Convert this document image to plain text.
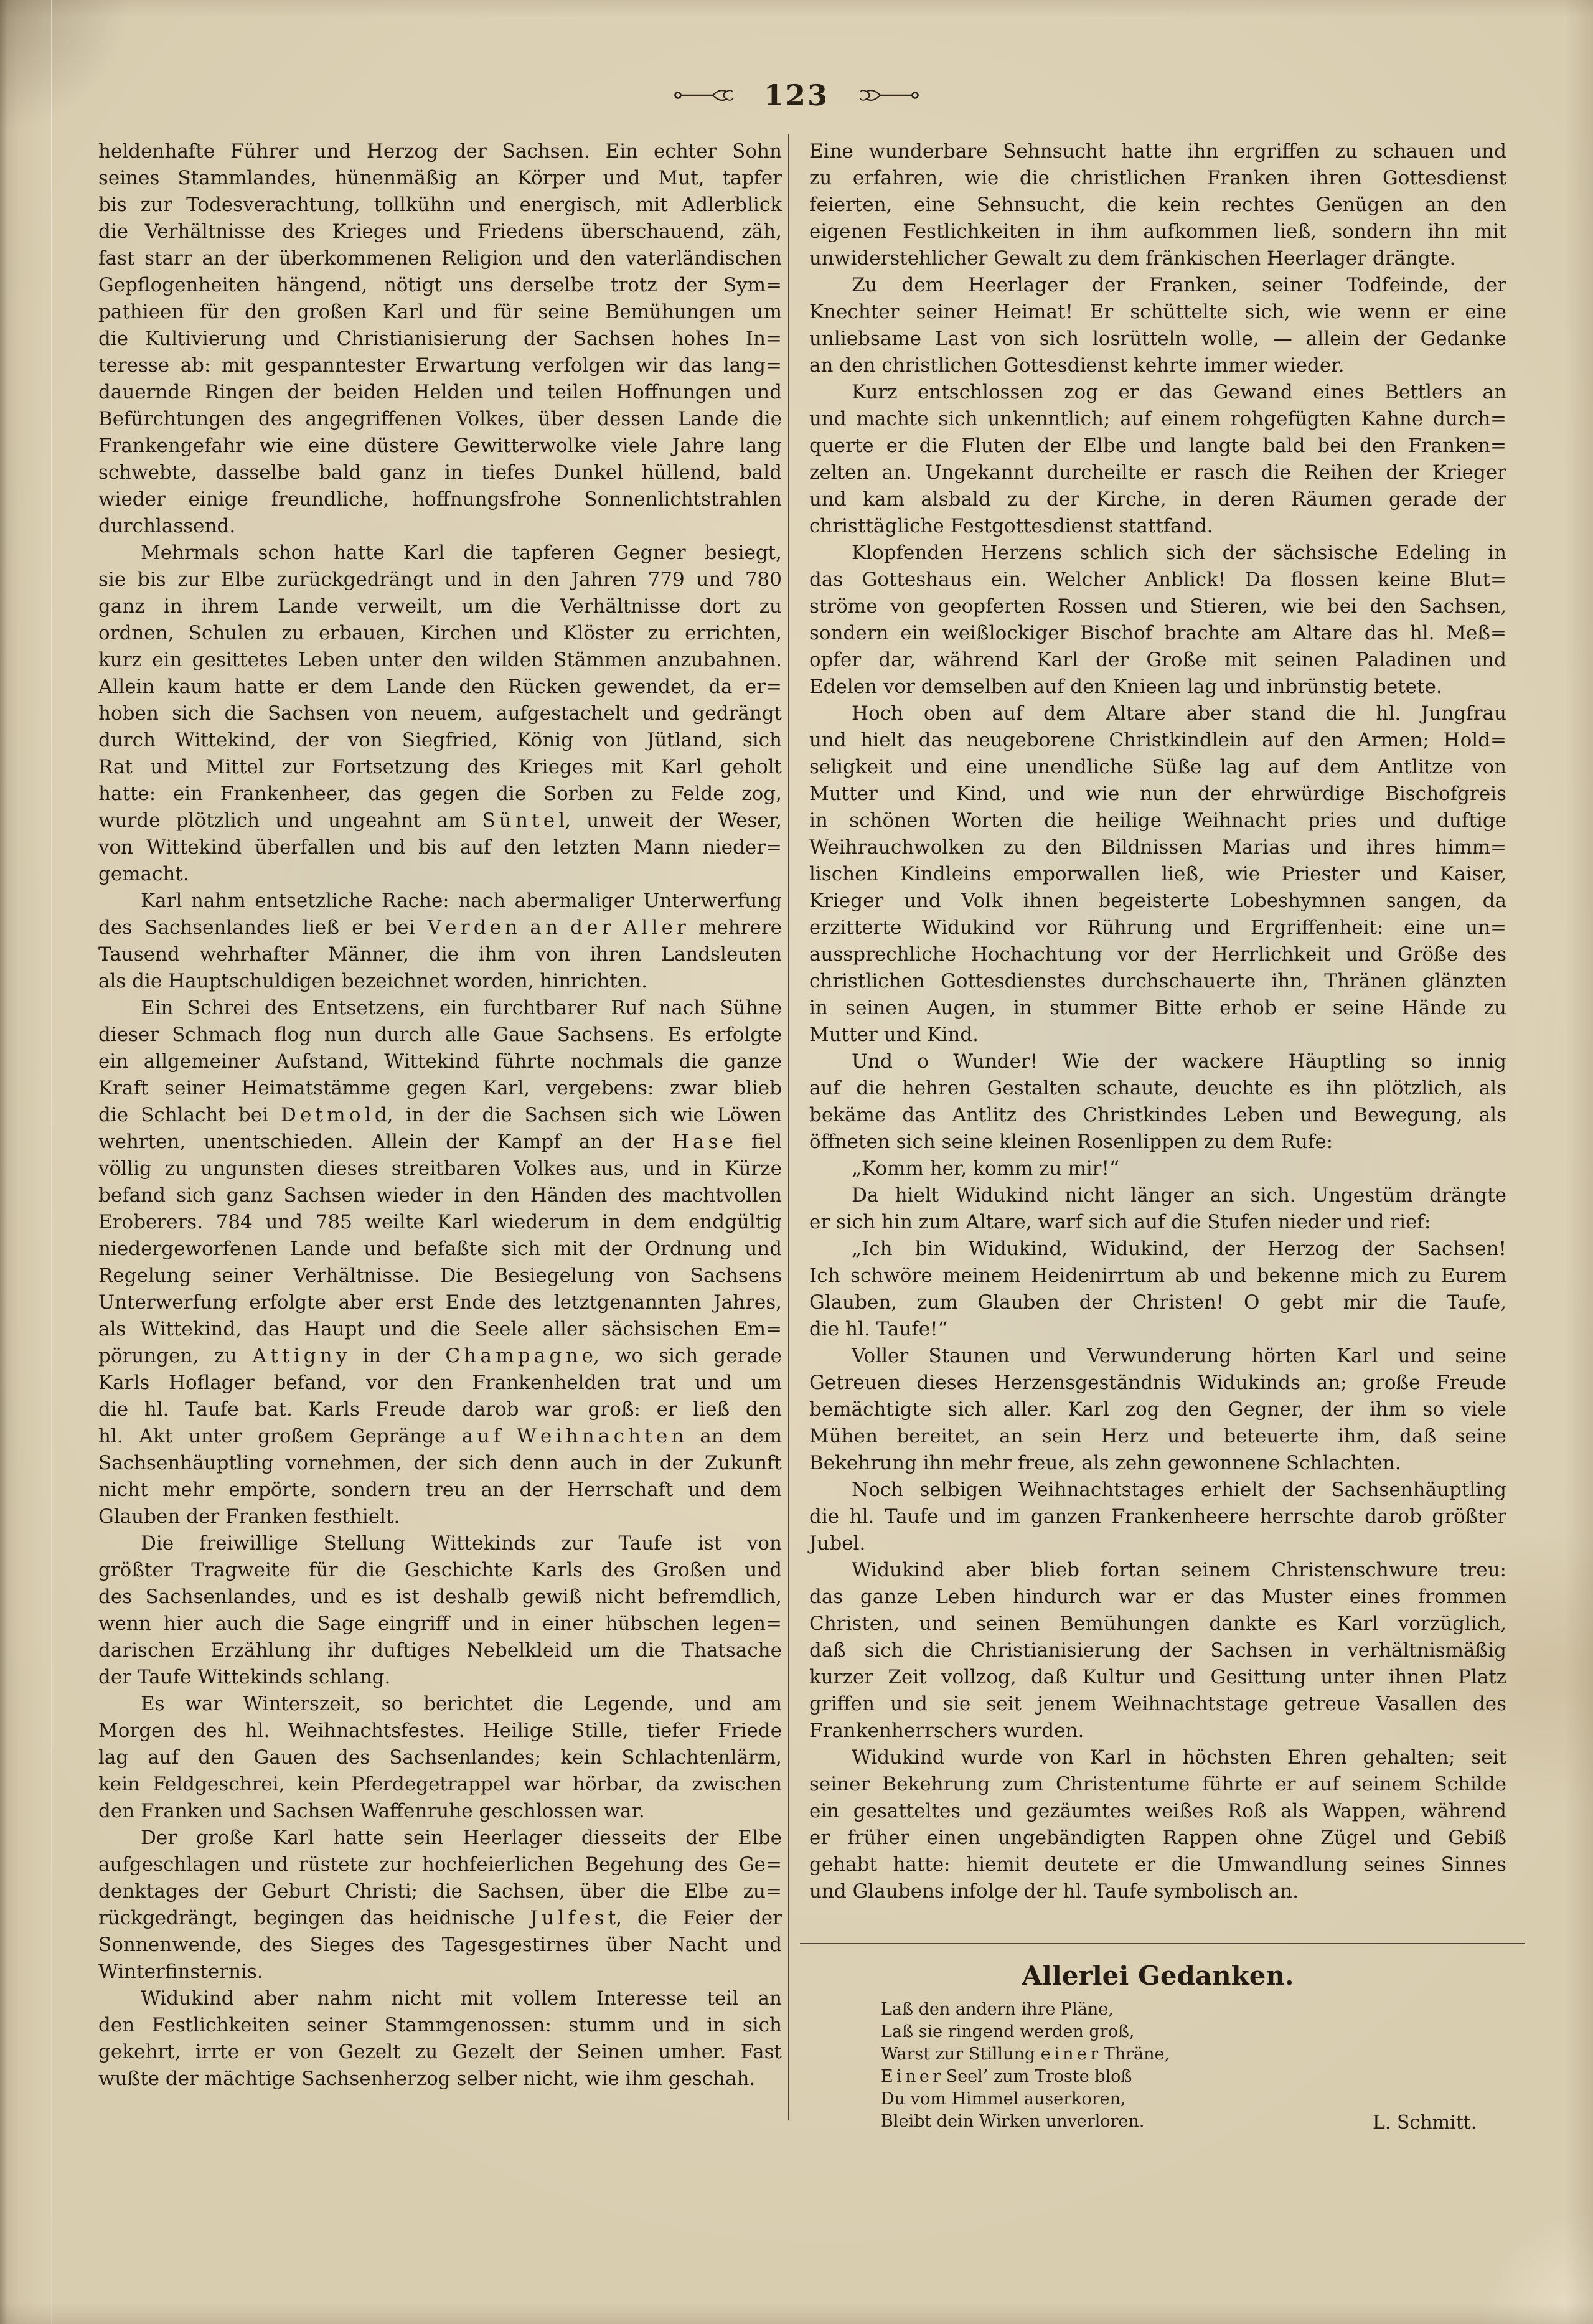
123
heldenhafte Führer und Herzog der Sachsen. Ein echter Sohn
seines Stammlandes, hünenmäßig an Körper und Mut, tapfer
bis zur Todesverachtung, tollkühn und energisch, mit Adlerblick
die Verhältnisse des Krieges und Friedens überschauend, zäh,
fast starr an der überkommenen Religion und den vaterländischen
Gepflogenheiten hängend, nötigt uns derselbe trotz der Sym=
pathieen für den großen Karl und für seine Bemühungen um
die Kultivierung und Christianisierung der Sachsen hohes In=
teresse ab: mit gespanntester Erwartung verfolgen wir das lang=
dauernde Ringen der beiden Helden und teilen Hoffnungen und
Befürchtungen des angegriffenen Volkes, über dessen Lande die
Frankengefahr wie eine düstere Gewitterwolke viele Jahre lang
schwebte, dasselbe bald ganz in tiefes Dunkel hüllend, bald
wieder einige freundliche, hoffnungsfrohe Sonnenlichtstrahlen
durchlassend.
Mehrmals schon hatte Karl die tapferen Gegner besiegt,
sie bis zur Elbe zurückgedrängt und in den Jahren 779 und 780
ganz in ihrem Lande verweilt, um die Verhältnisse dort zu
ordnen, Schulen zu erbauen, Kirchen und Klöster zu errichten,
kurz ein gesittetes Leben unter den wilden Stämmen anzubahnen.
Allein kaum hatte er dem Lande den Rücken gewendet, da er=
hoben sich die Sachsen von neuem, aufgestachelt und gedrängt
durch Wittekind, der von Siegfried, König von Jütland, sich
Rat und Mittel zur Fortsetzung des Krieges mit Karl geholt
hatte: ein Frankenheer, das gegen die Sorben zu Felde zog,
wurde plötzlich und ungeahnt am S ü n t e l, unweit der Weser,
von Wittekind überfallen und bis auf den letzten Mann nieder=
gemacht.
Karl nahm entsetzliche Rache: nach abermaliger Unterwerfung
des Sachsenlandes ließ er bei V e r d e n a n d e r A l l e r mehrere
Tausend wehrhafter Männer, die ihm von ihren Landsleuten
als die Hauptschuldigen bezeichnet worden, hinrichten.
Ein Schrei des Entsetzens, ein furchtbarer Ruf nach Sühne
dieser Schmach flog nun durch alle Gaue Sachsens. Es erfolgte
ein allgemeiner Aufstand, Wittekind führte nochmals die ganze
Kraft seiner Heimatstämme gegen Karl, vergebens: zwar blieb
die Schlacht bei D e t m o l d, in der die Sachsen sich wie Löwen
wehrten, unentschieden. Allein der Kampf an der H a s e fiel
völlig zu ungunsten dieses streitbaren Volkes aus, und in Kürze
befand sich ganz Sachsen wieder in den Händen des machtvollen
Eroberers. 784 und 785 weilte Karl wiederum in dem endgültig
niedergeworfenen Lande und befaßte sich mit der Ordnung und
Regelung seiner Verhältnisse. Die Besiegelung von Sachsens
Unterwerfung erfolgte aber erst Ende des letztgenannten Jahres,
als Wittekind, das Haupt und die Seele aller sächsischen Em=
pörungen, zu A t t i g n y in der C h a m p a g n e, wo sich gerade
Karls Hoflager befand, vor den Frankenhelden trat und um
die hl. Taufe bat. Karls Freude darob war groß: er ließ den
hl. Akt unter großem Gepränge a u f W e i h n a c h t e n an dem
Sachsenhäuptling vornehmen, der sich denn auch in der Zukunft
nicht mehr empörte, sondern treu an der Herrschaft und dem
Glauben der Franken festhielt.
Die freiwillige Stellung Wittekinds zur Taufe ist von
größter Tragweite für die Geschichte Karls des Großen und
des Sachsenlandes, und es ist deshalb gewiß nicht befremdlich,
wenn hier auch die Sage eingriff und in einer hübschen legen=
darischen Erzählung ihr duftiges Nebelkleid um die Thatsache
der Taufe Wittekinds schlang.
Es war Winterszeit, so berichtet die Legende, und am
Morgen des hl. Weihnachtsfestes. Heilige Stille, tiefer Friede
lag auf den Gauen des Sachsenlandes; kein Schlachtenlärm,
kein Feldgeschrei, kein Pferdegetrappel war hörbar, da zwischen
den Franken und Sachsen Waffenruhe geschlossen war.
Der große Karl hatte sein Heerlager diesseits der Elbe
aufgeschlagen und rüstete zur hochfeierlichen Begehung des Ge=
denktages der Geburt Christi; die Sachsen, über die Elbe zu=
rückgedrängt, begingen das heidnische J u l f e s t, die Feier der
Sonnenwende, des Sieges des Tagesgestirnes über Nacht und
Winterfinsternis.
Widukind aber nahm nicht mit vollem Interesse teil an
den Festlichkeiten seiner Stammgenossen: stumm und in sich
gekehrt, irrte er von Gezelt zu Gezelt der Seinen umher. Fast
wußte der mächtige Sachsenherzog selber nicht, wie ihm geschah.
Eine wunderbare Sehnsucht hatte ihn ergriffen zu schauen und
zu erfahren, wie die christlichen Franken ihren Gottesdienst
feierten, eine Sehnsucht, die kein rechtes Genügen an den
eigenen Festlichkeiten in ihm aufkommen ließ, sondern ihn mit
unwiderstehlicher Gewalt zu dem fränkischen Heerlager drängte.
Zu dem Heerlager der Franken, seiner Todfeinde, der
Knechter seiner Heimat! Er schüttelte sich, wie wenn er eine
unliebsame Last von sich losrütteln wolle, — allein der Gedanke
an den christlichen Gottesdienst kehrte immer wieder.
Kurz entschlossen zog er das Gewand eines Bettlers an
und machte sich unkenntlich; auf einem rohgefügten Kahne durch=
querte er die Fluten der Elbe und langte bald bei den Franken=
zelten an. Ungekannt durcheilte er rasch die Reihen der Krieger
und kam alsbald zu der Kirche, in deren Räumen gerade der
christtägliche Festgottesdienst stattfand.
Klopfenden Herzens schlich sich der sächsische Edeling in
das Gotteshaus ein. Welcher Anblick! Da flossen keine Blut=
ströme von geopferten Rossen und Stieren, wie bei den Sachsen,
sondern ein weißlockiger Bischof brachte am Altare das hl. Meß=
opfer dar, während Karl der Große mit seinen Paladinen und
Edelen vor demselben auf den Knieen lag und inbrünstig betete.
Hoch oben auf dem Altare aber stand die hl. Jungfrau
und hielt das neugeborene Christkindlein auf den Armen; Hold=
seligkeit und eine unendliche Süße lag auf dem Antlitze von
Mutter und Kind, und wie nun der ehrwürdige Bischofgreis
in schönen Worten die heilige Weihnacht pries und duftige
Weihrauchwolken zu den Bildnissen Marias und ihres himm=
lischen Kindleins emporwallen ließ, wie Priester und Kaiser,
Krieger und Volk ihnen begeisterte Lobeshymnen sangen, da
erzitterte Widukind vor Rührung und Ergriffenheit: eine un=
aussprechliche Hochachtung vor der Herrlichkeit und Größe des
christlichen Gottesdienstes durchschauerte ihn, Thränen glänzten
in seinen Augen, in stummer Bitte erhob er seine Hände zu
Mutter und Kind.
Und o Wunder! Wie der wackere Häuptling so innig
auf die hehren Gestalten schaute, deuchte es ihn plötzlich, als
bekäme das Antlitz des Christkindes Leben und Bewegung, als
öffneten sich seine kleinen Rosenlippen zu dem Rufe:
„Komm her, komm zu mir!“
Da hielt Widukind nicht länger an sich. Ungestüm drängte
er sich hin zum Altare, warf sich auf die Stufen nieder und rief:
„Ich bin Widukind, Widukind, der Herzog der Sachsen!
Ich schwöre meinem Heidenirrtum ab und bekenne mich zu Eurem
Glauben, zum Glauben der Christen! O gebt mir die Taufe,
die hl. Taufe!“
Voller Staunen und Verwunderung hörten Karl und seine
Getreuen dieses Herzensgeständnis Widukinds an; große Freude
bemächtigte sich aller. Karl zog den Gegner, der ihm so viele
Mühen bereitet, an sein Herz und beteuerte ihm, daß seine
Bekehrung ihn mehr freue, als zehn gewonnene Schlachten.
Noch selbigen Weihnachtstages erhielt der Sachsenhäuptling
die hl. Taufe und im ganzen Frankenheere herrschte darob größter
Jubel.
Widukind aber blieb fortan seinem Christenschwure treu:
das ganze Leben hindurch war er das Muster eines frommen
Christen, und seinen Bemühungen dankte es Karl vorzüglich,
daß sich die Christianisierung der Sachsen in verhältnismäßig
kurzer Zeit vollzog, daß Kultur und Gesittung unter ihnen Platz
griffen und sie seit jenem Weihnachtstage getreue Vasallen des
Frankenherrschers wurden.
Widukind wurde von Karl in höchsten Ehren gehalten; seit
seiner Bekehrung zum Christentume führte er auf seinem Schilde
ein gesatteltes und gezäumtes weißes Roß als Wappen, während
er früher einen ungebändigten Rappen ohne Zügel und Gebiß
gehabt hatte: hiemit deutete er die Umwandlung seines Sinnes
und Glaubens infolge der hl. Taufe symbolisch an.
Allerlei Gedanken.
Laß den andern ihre Pläne,
Laß sie ringend werden groß,
Warst zur Stillung e i n e r Thräne,
E i n e r Seel’ zum Troste bloß
Du vom Himmel auserkoren,
Bleibt dein Wirken unverloren.	L. Schmitt.
